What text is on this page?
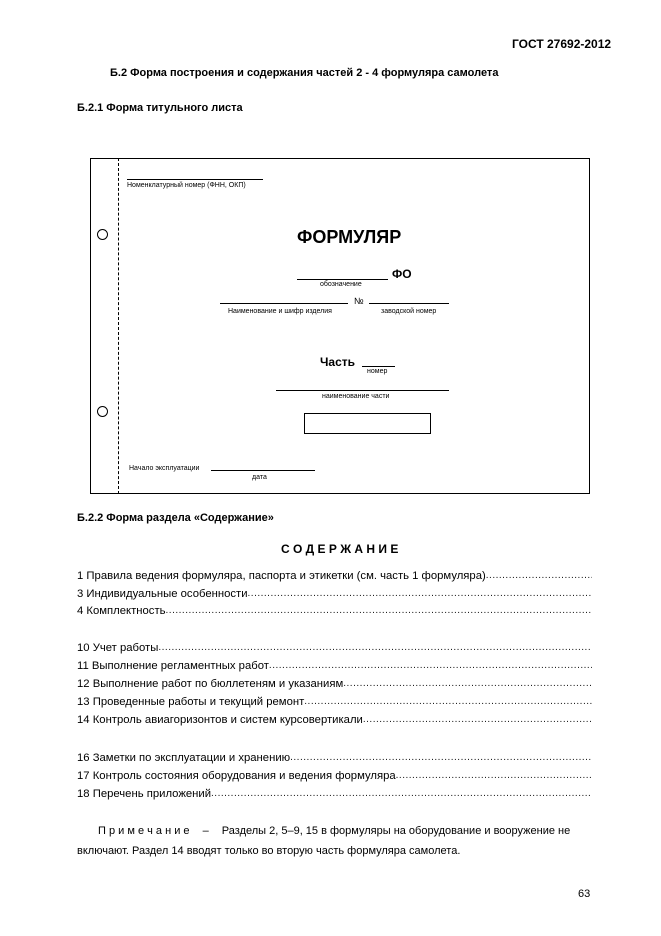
ГОСТ 27692-2012
Б.2 Форма построения и содержания частей 2 - 4 формуляра самолета
Б.2.1 Форма титульного листа
Номенклатурный номер (ФНН, ОКП)
ФОРМУЛЯР
ФО
обозначение
№
Наименование и шифр изделия	заводской номер
Часть
номер
наименование части
Начало эксплуатации
дата
Б.2.2 Форма раздела «Содержание»
С О Д Е Р Ж А Н И Е
1 Правила ведения формуляра, паспорта и этикетки (см. часть 1 формуляра)
.....
3 Индивидуальные особенности
.....
4 Комплектность
.....
10 Учет работы
.....
11 Выполнение регламентных работ
.....
12 Выполнение работ по бюллетеням и указаниям
.....
13 Проведенные работы и текущий ремонт
.....
14 Контроль авиагоризонтов и систем курсовертикали
.....
16 Заметки по эксплуатации и хранению
.....
17 Контроль состояния оборудования и ведения формуляра
.....
18 Перечень приложений
.....
П р и м е ч а н и е – Разделы 2, 5–9, 15 в формуляры на оборудование и вооружение не
включают. Раздел 14 вводят только во вторую часть формуляра самолета.
63
